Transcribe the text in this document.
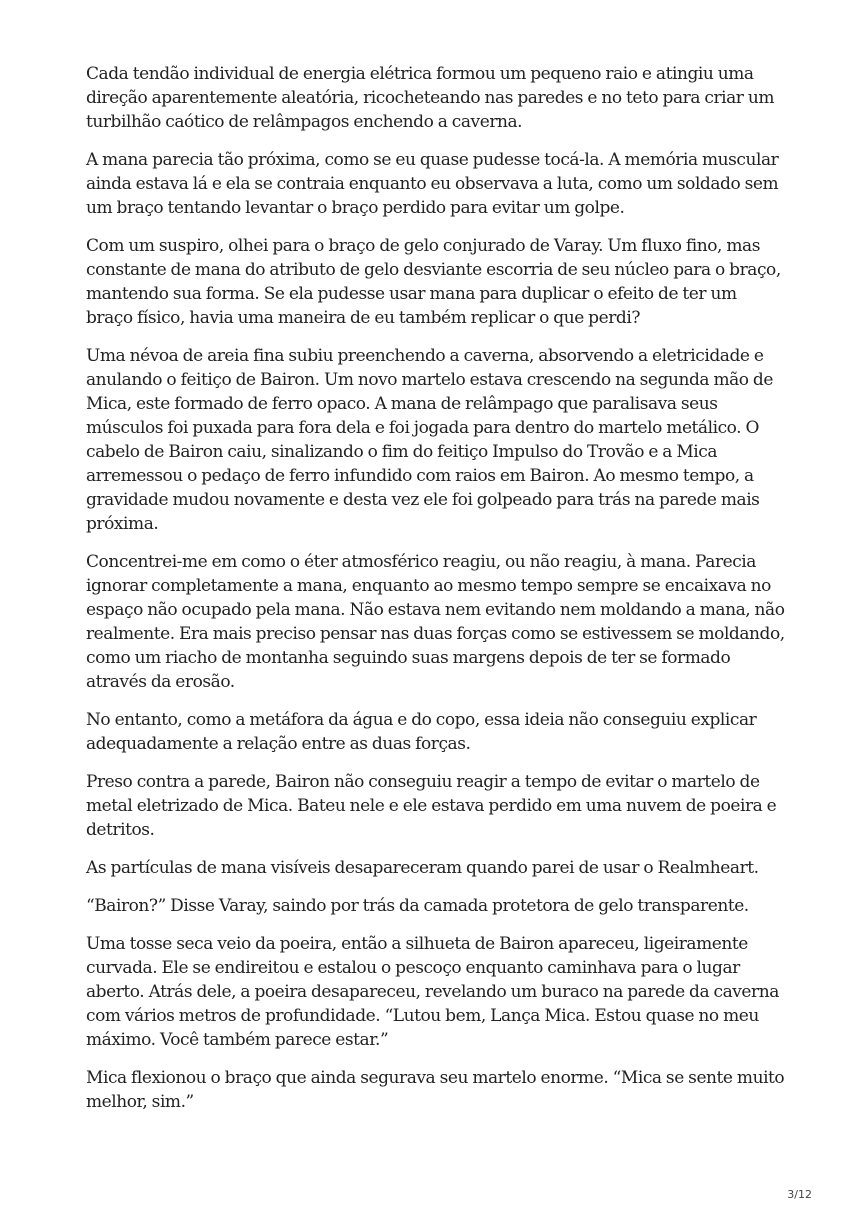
Cada tendão individual de energia elétrica formou um pequeno raio e atingiu uma direção aparentemente aleatória, ricocheteando nas paredes e no teto para criar um turbilhão caótico de relâmpagos enchendo a caverna.

A mana parecia tão próxima, como se eu quase pudesse tocá-la. A memória muscular ainda estava lá e ela se contraia enquanto eu observava a luta, como um soldado sem um braço tentando levantar o braço perdido para evitar um golpe.

Com um suspiro, olhei para o braço de gelo conjurado de Varay. Um fluxo fino, mas constante de mana do atributo de gelo desviante escorria de seu núcleo para o braço, mantendo sua forma. Se ela pudesse usar mana para duplicar o efeito de ter um braço físico, havia uma maneira de eu também replicar o que perdi?

Uma névoa de areia fina subiu preenchendo a caverna, absorvendo a eletricidade e anulando o feitiço de Bairon. Um novo martelo estava crescendo na segunda mão de Mica, este formado de ferro opaco. A mana de relâmpago que paralisava seus músculos foi puxada para fora dela e foi jogada para dentro do martelo metálico. O cabelo de Bairon caiu, sinalizando o fim do feitiço Impulso do Trovão e a Mica arremessou o pedaço de ferro infundido com raios em Bairon. Ao mesmo tempo, a gravidade mudou novamente e desta vez ele foi golpeado para trás na parede mais próxima.

Concentrei-me em como o éter atmosférico reagiu, ou não reagiu, à mana. Parecia ignorar completamente a mana, enquanto ao mesmo tempo sempre se encaixava no espaço não ocupado pela mana. Não estava nem evitando nem moldando a mana, não realmente. Era mais preciso pensar nas duas forças como se estivessem se moldando, como um riacho de montanha seguindo suas margens depois de ter se formado através da erosão.

No entanto, como a metáfora da água e do copo, essa ideia não conseguiu explicar adequadamente a relação entre as duas forças.

Preso contra a parede, Bairon não conseguiu reagir a tempo de evitar o martelo de metal eletrizado de Mica. Bateu nele e ele estava perdido em uma nuvem de poeira e detritos.

As partículas de mana visíveis desapareceram quando parei de usar o Realmheart.

“Bairon?” Disse Varay, saindo por trás da camada protetora de gelo transparente.

Uma tosse seca veio da poeira, então a silhueta de Bairon apareceu, ligeiramente curvada. Ele se endireitou e estalou o pescoço enquanto caminhava para o lugar aberto. Atrás dele, a poeira desapareceu, revelando um buraco na parede da caverna com vários metros de profundidade. “Lutou bem, Lança Mica. Estou quase no meu máximo. Você também parece estar.”

Mica flexionou o braço que ainda segurava seu martelo enorme. “Mica se sente muito melhor, sim.”

3/12
